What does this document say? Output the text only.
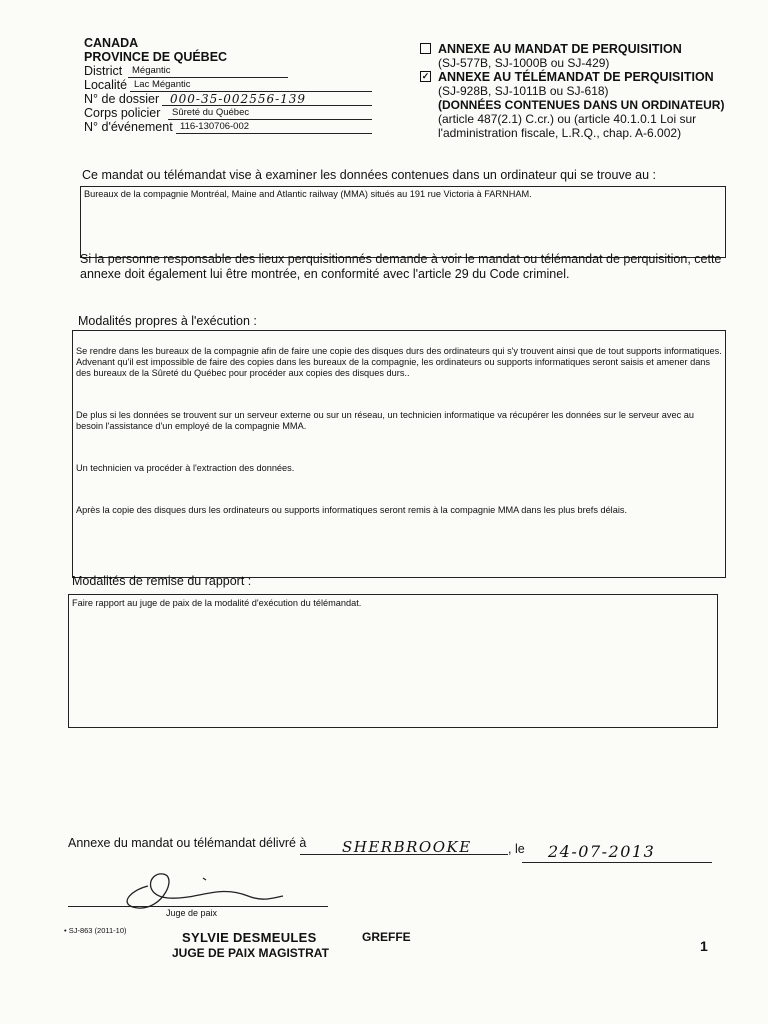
CANADA
PROVINCE DE QUÉBEC
District Mégantic
Localité Lac Mégantic
N° de dossier 000-35-002556-139
Corps policier Sûreté du Québec
N° d'événement 116-130706-002
ANNEXE AU MANDAT DE PERQUISITION
(SJ-577B, SJ-1000B ou SJ-429)
✓ ANNEXE AU TÉLÉMANDAT DE PERQUISITION
(SJ-928B, SJ-1011B ou SJ-618)
(DONNÉES CONTENUES DANS UN ORDINATEUR)
(article 487(2.1) C.cr.) ou (article 40.1.0.1 Loi sur
l'administration fiscale, L.R.Q., chap. A-6.002)
Ce mandat ou télémandat vise à examiner les données contenues dans un ordinateur qui se trouve au :
Bureaux de la compagnie Montréal, Maine and Atlantic railway (MMA) situés au 191 rue Victoria à FARNHAM.
Si la personne responsable des lieux perquisitionnés demande à voir le mandat ou télémandat de perquisition, cette annexe doit également lui être montrée, en conformité avec l'article 29 du Code criminel.
Modalités propres à l'exécution :

Se rendre dans les bureaux de la compagnie afin de faire une copie des disques durs des ordinateurs qui s'y trouvent ainsi que de tout supports informatiques. Advenant qu'il est impossible de faire des copies dans les bureaux de la compagnie, les ordinateurs ou supports informatiques seront saisis et amener dans des bureaux de la Sûreté du Québec pour procéder aux copies des disques durs..

De plus si les données se trouvent sur un serveur externe ou sur un réseau, un technicien informatique va récupérer les données sur le serveur avec au besoin l'assistance d'un employé de la compagnie MMA.

Un technicien va procéder à l'extraction des données.

Après la copie des disques durs les ordinateurs ou supports informatiques seront remis à la compagnie MMA dans les plus brefs délais.

Modalités de remise du rapport :
Faire rapport au juge de paix de la modalité d'exécution du télémandat.
Annexe du mandat ou télémandat délivré à SHERBROOKE	, le 24-07-2013
Juge de paix
• SJ-863 (2011-10)	SYLVIE DESMEULES
JUGE DE PAIX MAGISTRAT
GREFFE
1
